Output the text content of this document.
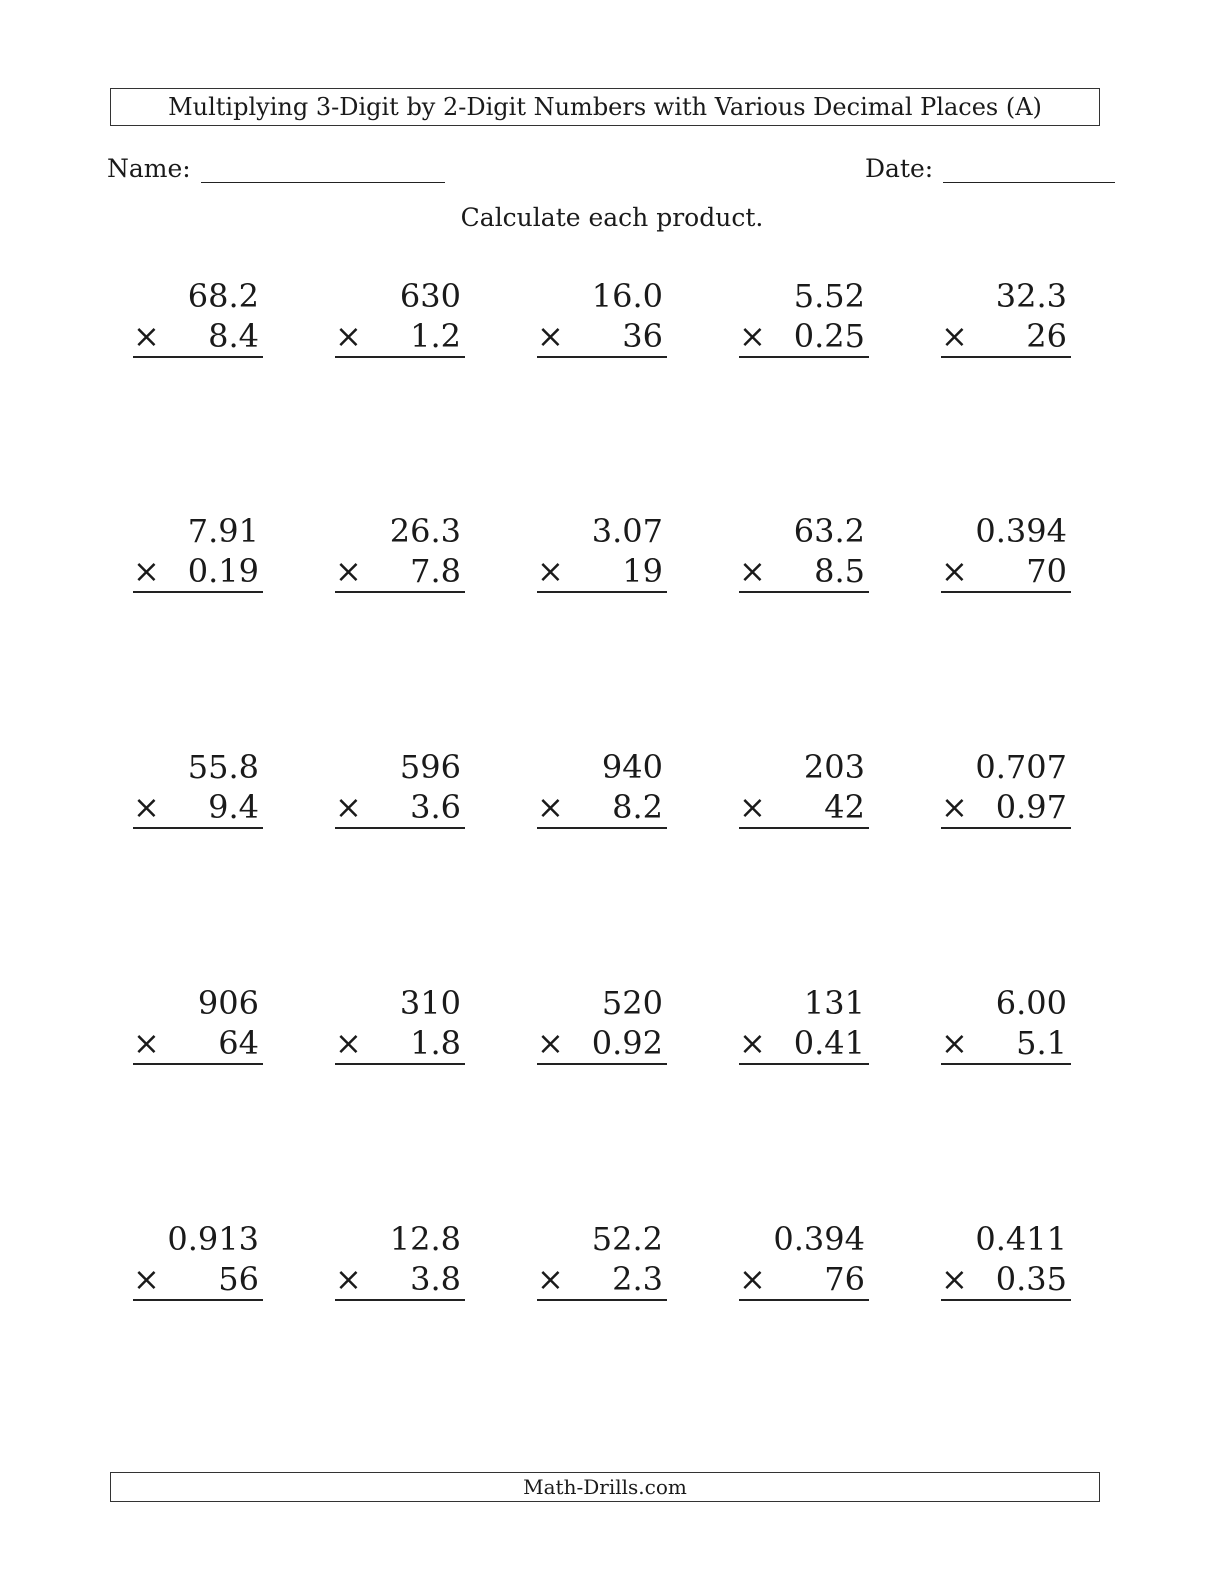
Multiplying 3-Digit by 2-Digit Numbers with Various Decimal Places (A)
Name:	Date:
Calculate each product.
68.2
× 8.4
630
× 1.2
16.0
× 36
5.52
× 0.25
32.3
× 26
7.91
× 0.19
26.3
× 7.8
3.07
× 19
63.2
× 8.5
0.394
× 70
55.8
× 9.4
596
× 3.6
940
× 8.2
203
× 42
0.707
× 0.97
906
× 64
310
× 1.8
520
× 0.92
131
× 0.41
6.00
× 5.1
0.913
× 56
12.8
× 3.8
52.2
× 2.3
0.394
× 76
0.411
× 0.35
Math-Drills.com
